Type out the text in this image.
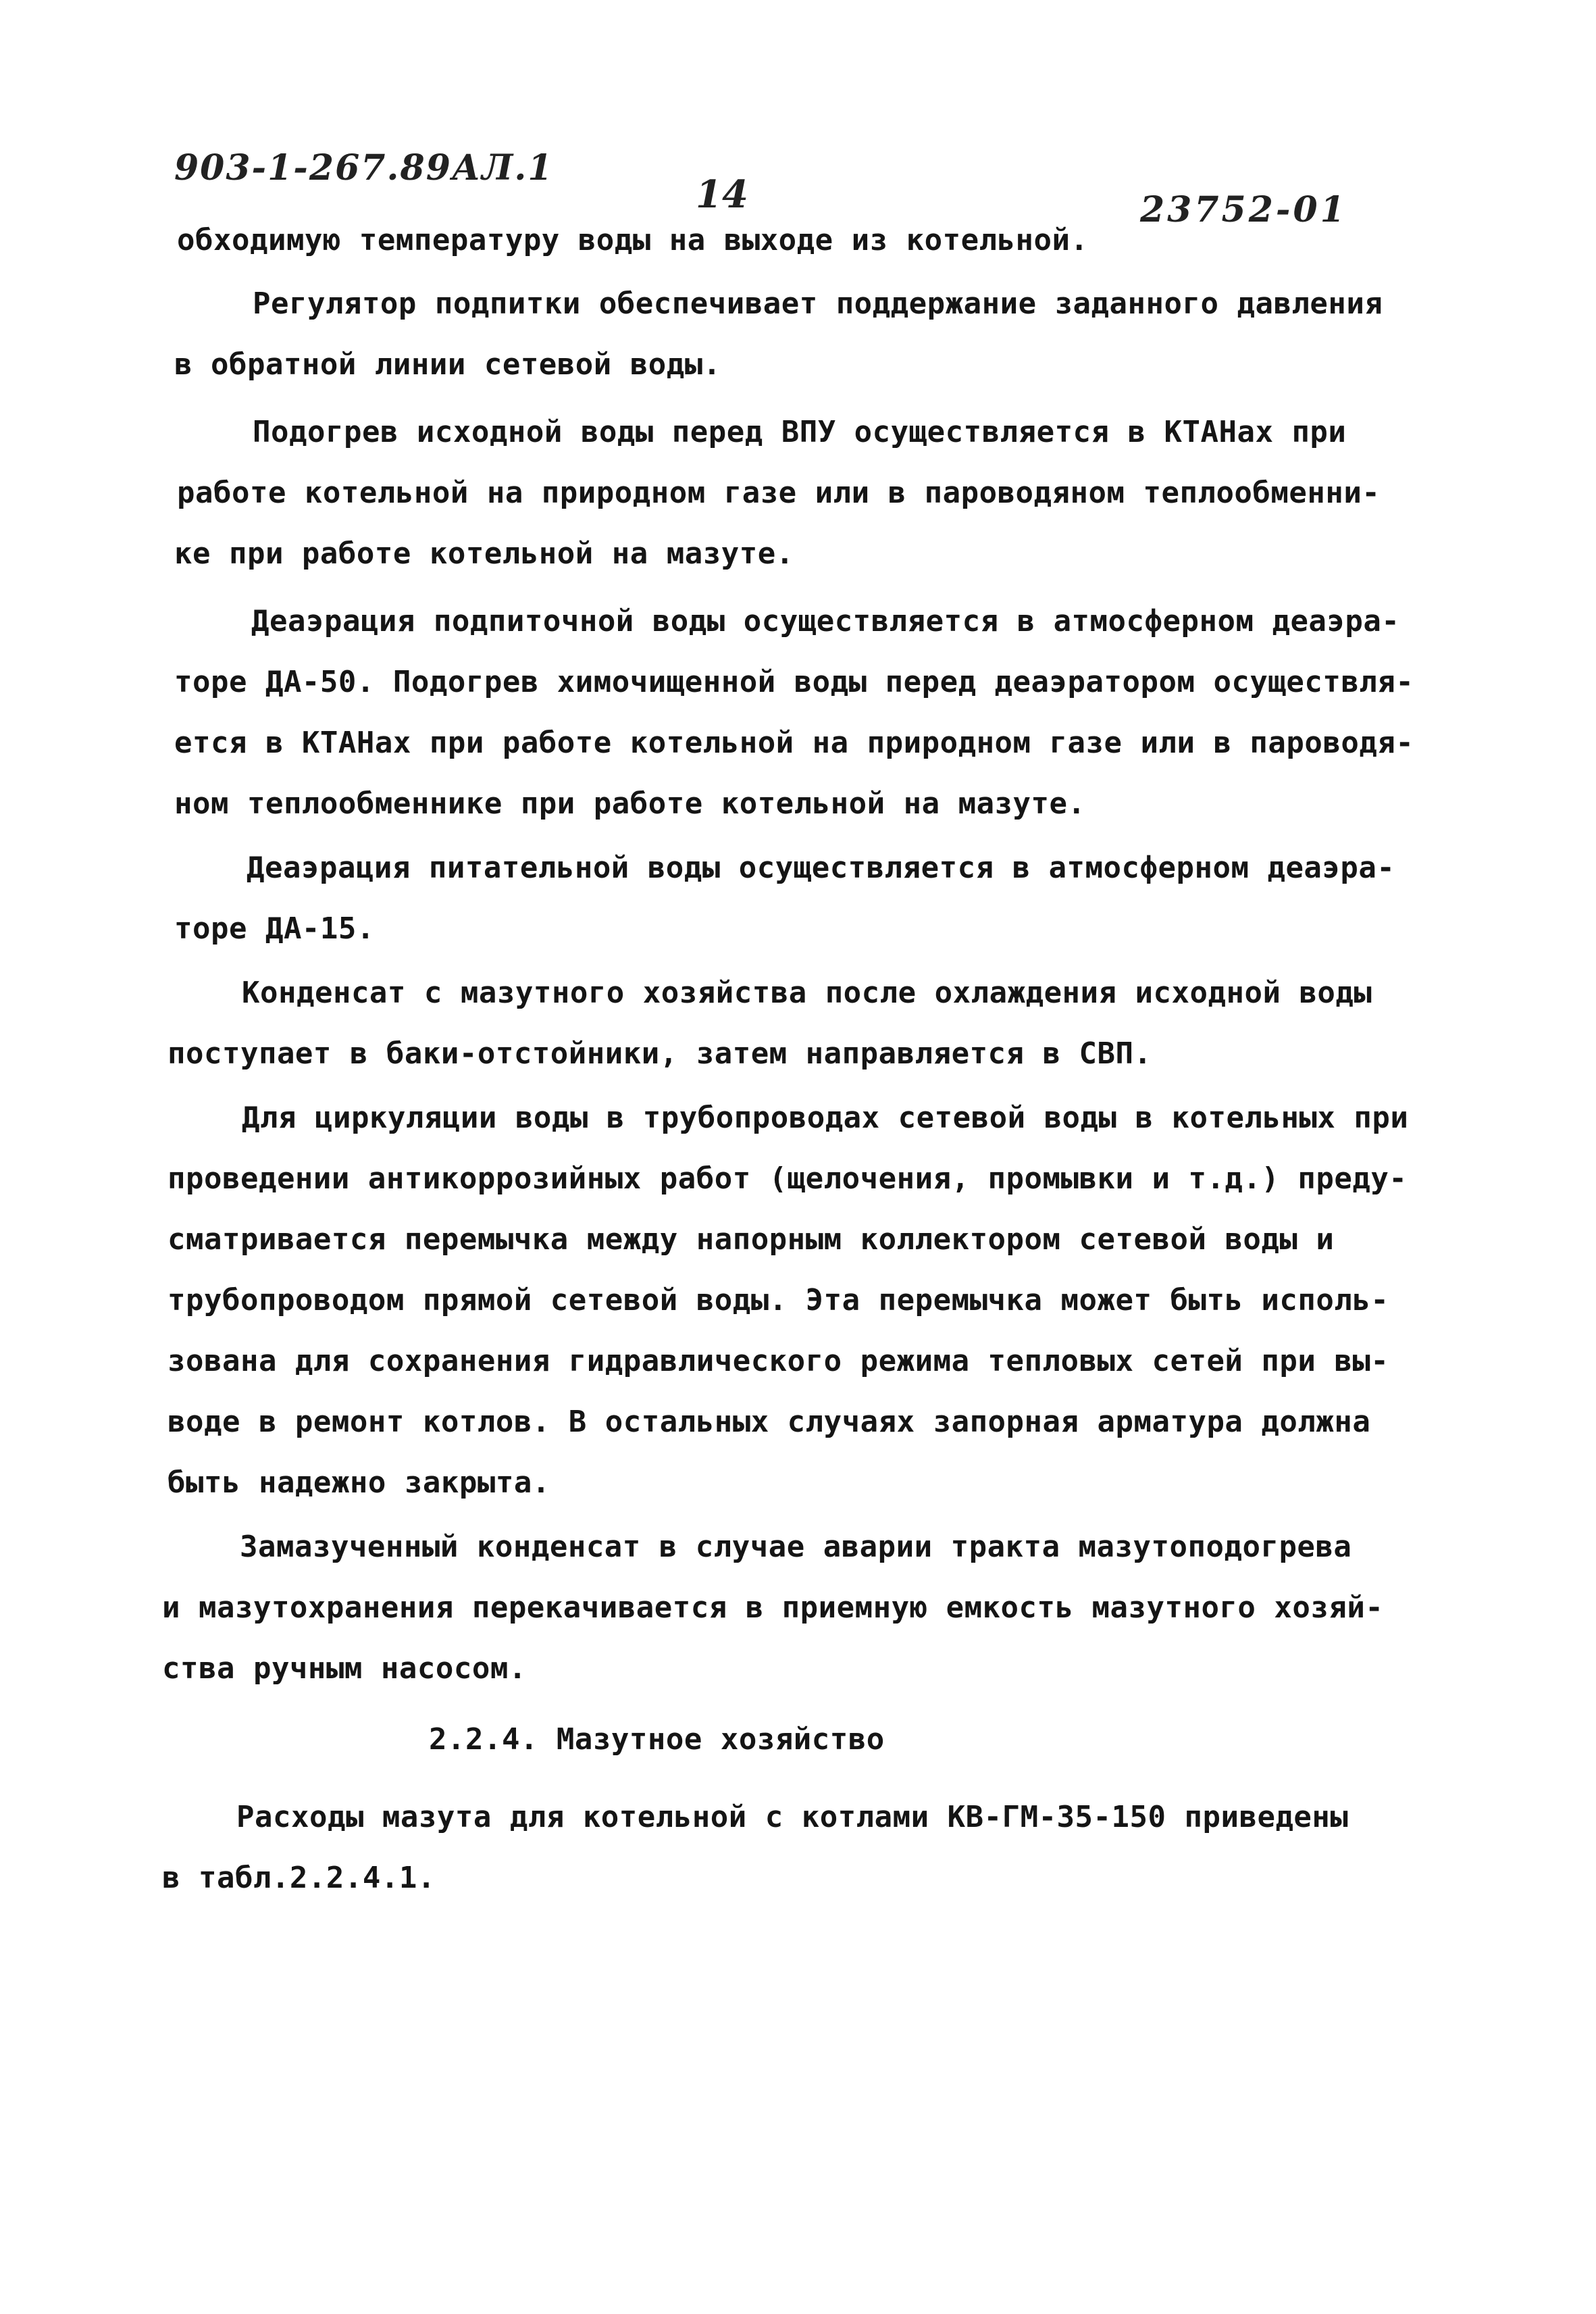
903-1-267.89АЛ.1
14	23752-01
обходимую температуру воды на выходе из котельной.
Регулятор подпитки обеспечивает поддержание заданного давления
в обратной линии сетевой воды.
Подогрев исходной воды перед ВПУ осуществляется в КТАНах при
работе котельной на природном газе или в пароводяном теплообменни-
ке при работе котельной на мазуте.
Деаэрация подпиточной воды осуществляется в атмосферном деаэра-
торе ДА-50. Подогрев химочищенной воды перед деаэратором осуществля-
ется в КТАНах при работе котельной на природном газе или в пароводя-
ном теплообменнике при работе котельной на мазуте.
Деаэрация питательной воды осуществляется в атмосферном деаэра-
торе ДА-15.
Конденсат с мазутного хозяйства после охлаждения исходной воды
поступает в баки-отстойники, затем направляется в СВП.
Для циркуляции воды в трубопроводах сетевой воды в котельных при
проведении антикоррозийных работ (щелочения, промывки и т.д.) преду-
сматривается перемычка между напорным коллектором сетевой воды и
трубопроводом прямой сетевой воды. Эта перемычка может быть исполь-
зована для сохранения гидравлического режима тепловых сетей при вы-
воде в ремонт котлов. В остальных случаях запорная арматура должна
быть надежно закрыта.
Замазученный конденсат в случае аварии тракта мазутоподогрева
и мазутохранения перекачивается в приемную емкость мазутного хозяй-
ства ручным насосом.
2.2.4. Мазутное хозяйство
Расходы мазута для котельной с котлами КВ-ГМ-35-150 приведены
в табл.2.2.4.1.
